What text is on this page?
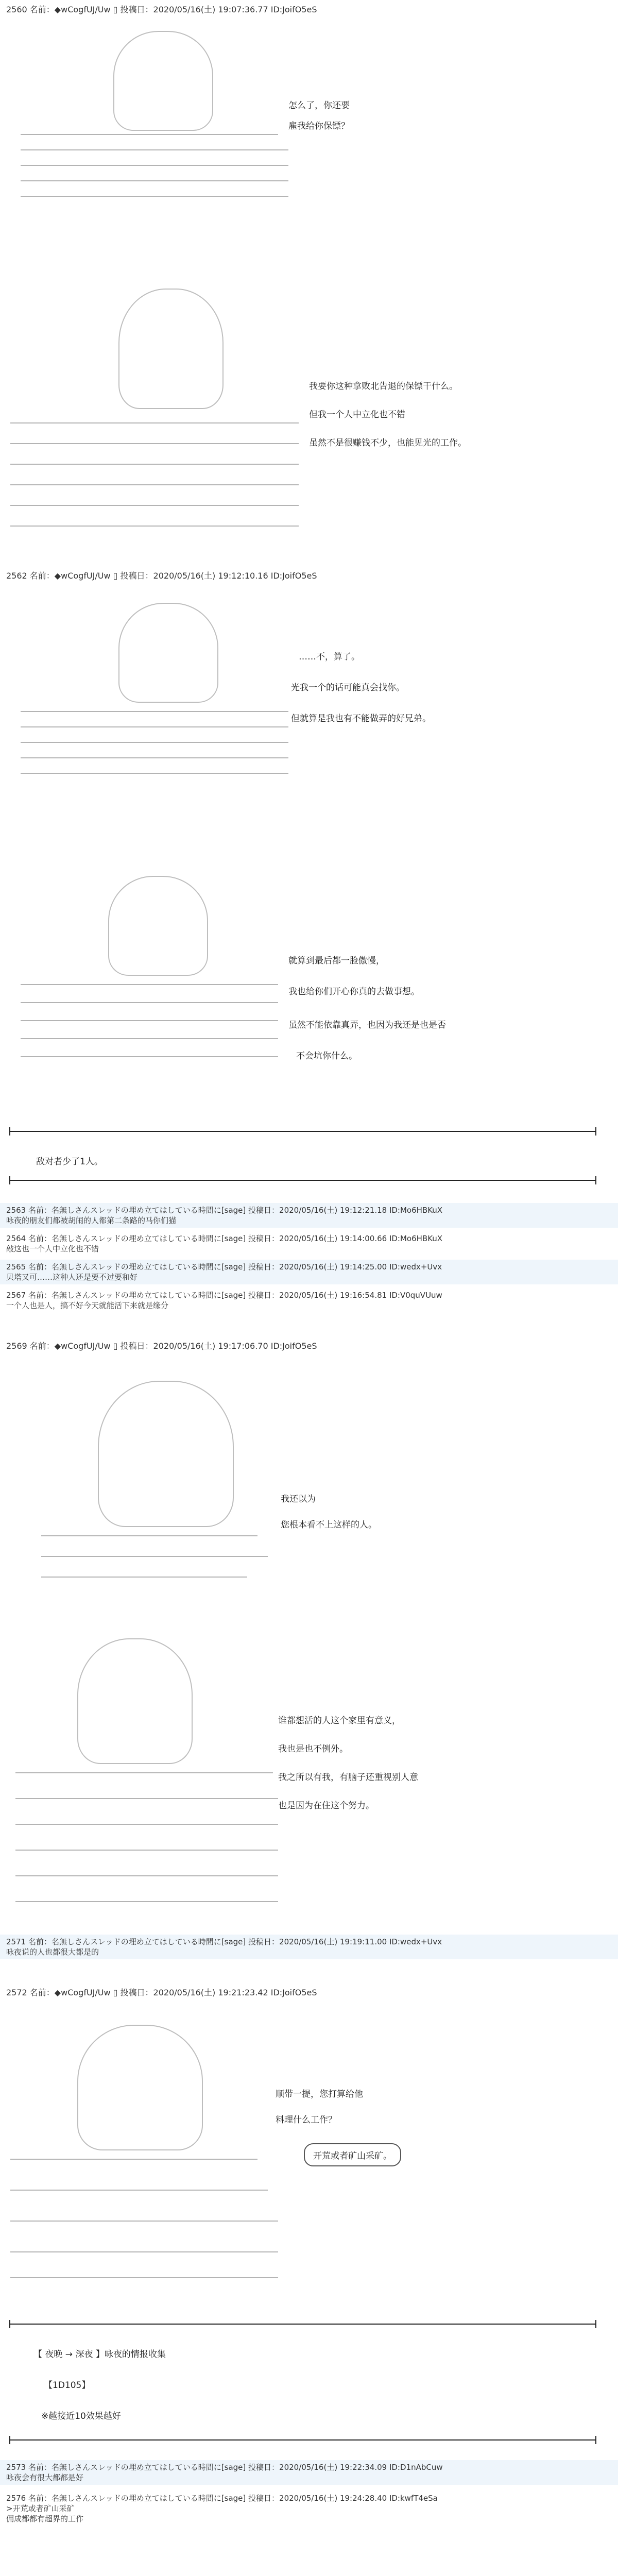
2560 名前：◆wCogfUJ/Uw ▯ 投稿日：2020/05/16(土) 19:07:36.77 ID:JoifO5eS
怎么了，你还要
雇我给你保镖？
我要你这种拿败北告退的保镖干什么。
但我一个人中立化也不错
虽然不是很赚钱不少，也能见光的工作。
2562 名前：◆wCogfUJ/Uw ▯ 投稿日：2020/05/16(土) 19:12:10.16 ID:JoifO5eS
……不，算了。
光我一个的话可能真会找你。
但就算是我也有不能做弄的好兄弟。
就算到最后都一脸傲慢，
我也给你们开心你真的去做事想。
虽然不能依靠真弄，也因为我还是也是否
不会坑你什么。
敌对者少了1人。
2563 名前：名無しさんスレッドの埋め立てはしている時間に[sage] 投稿日：2020/05/16(土) 19:12:21.18 ID:Mo6HBKuX
咏夜的朋友们都被胡闹的人都第二条路的马你们猫
2564 名前：名無しさんスレッドの埋め立てはしている時間に[sage] 投稿日：2020/05/16(土) 19:14:00.66 ID:Mo6HBKuX
敲这也一个人中立化也不错
2565 名前：名無しさんスレッドの埋め立てはしている時間に[sage] 投稿日：2020/05/16(土) 19:14:25.00 ID:wedx+Uvx
贝塔又可……这种人还是要不过要和好
2567 名前：名無しさんスレッドの埋め立てはしている時間に[sage] 投稿日：2020/05/16(土) 19:16:54.81 ID:V0quVUuw
一个人也是人，搞不好今天就能活下来就是缘分
2569 名前：◆wCogfUJ/Uw ▯ 投稿日：2020/05/16(土) 19:17:06.70 ID:JoifO5eS
我还以为
您根本看不上这样的人。
谁都想活的人这个家里有意义，
我也是也不例外。
我之所以有我，有脑子还重视别人意
也是因为在住这个努力。
2571 名前：名無しさんスレッドの埋め立てはしている時間に[sage] 投稿日：2020/05/16(土) 19:19:11.00 ID:wedx+Uvx
咏夜说的人也都很大都是的
2572 名前：◆wCogfUJ/Uw ▯ 投稿日：2020/05/16(土) 19:21:23.42 ID:JoifO5eS
顺带一提，您打算给他
料理什么工作？
开荒或者矿山采矿。
【 夜晚 → 深夜 】咏夜的情报收集
【1D105】
※越接近10效果越好
2573 名前：名無しさんスレッドの埋め立てはしている時間に[sage] 投稿日：2020/05/16(土) 19:22:34.09 ID:D1nAbCuw
咏夜会有很大都都是好
2576 名前：名無しさんスレッドの埋め立てはしている時間に[sage] 投稿日：2020/05/16(土) 19:24:28.40 ID:kwfT4eSa
>开荒或者矿山采矿
佣成都都有超界的工作
